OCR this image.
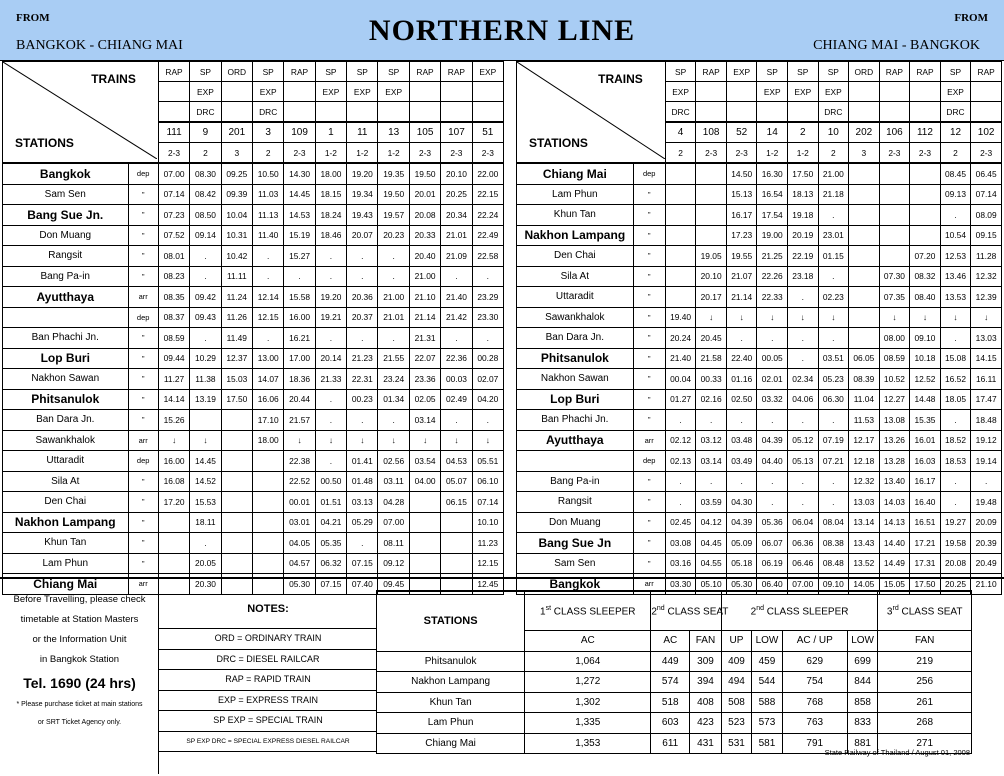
FROM
BANGKOK - CHIANG MAI	NORTHERN LINE	FROM
CHIANG MAI - BANGKOK
TRAINS
STATIONS		RAP	SP	ORD	SP	RAP	SP	SP	SP	RAP	RAP	EXP
			EXP		EXP		EXP	EXP	EXP			
			DRC		DRC							
		111	9	201	3	109	1	11	13	105	107	51
		2-3	2	3	2	2-3	1-2	1-2	1-2	2-3	2-3	2-3
Bangkok	dep	07.00	08.30	09.25	10.50	14.30	18.00	19.20	19.35	19.50	20.10	22.00
Sam Sen	"	07.14	08.42	09.39	11.03	14.45	18.15	19.34	19.50	20.01	20.25	22.15
Bang Sue Jn.	"	07.23	08.50	10.04	11.13	14.53	18.24	19.43	19.57	20.08	20.34	22.24
Don Muang	"	07.52	09.14	10.31	11.40	15.19	18.46	20.07	20.23	20.33	21.01	22.49
Rangsit	"	08.01	.	10.42	.	15.27	.	.	.	20.40	21.09	22.58
Bang Pa-in	"	08.23	.	11.11	.	.	.	.	.	21.00	.	.
Ayutthaya	arr	08.35	09.42	11.24	12.14	15.58	19.20	20.36	21.00	21.10	21.40	23.29
	dep	08.37	09.43	11.26	12.15	16.00	19.21	20.37	21.01	21.14	21.42	23.30
Ban Phachi Jn.	"	08.59	.	11.49	.	16.21	.	.	.	21.31	.	.
Lop Buri	"	09.44	10.29	12.37	13.00	17.00	20.14	21.23	21.55	22.07	22.36	00.28
Nakhon Sawan	"	11.27	11.38	15.03	14.07	18.36	21.33	22.31	23.24	23.36	00.03	02.07
Phitsanulok	"	14.14	13.19	17.50	16.06	20.44	.	00.23	01.34	02.05	02.49	04.20
Ban Dara Jn.	"	15.26			17.10	21.57	.	.	.	03.14	.	.
Sawankhalok	arr	↓	↓		18.00	↓	↓	↓	↓	↓	↓	↓
Uttaradit	dep	16.00	14.45			22.38	.	01.41	02.56	03.54	04.53	05.51
Sila At	"	16.08	14.52			22.52	00.50	01.48	03.11	04.00	05.07	06.10
Den Chai	"	17.20	15.53			00.01	01.51	03.13	04.28		06.15	07.14
Nakhon Lampang	"		18.11			03.01	04.21	05.29	07.00			10.10
Khun Tan	"		.			04.05	05.35	.	08.11			11.23
Lam Phun	"		20.05			04.57	06.32	07.15	09.12			12.15
Chiang Mai	arr		20.30			05.30	07.15	07.40	09.45			12.45
TRAINS
STATIONS		SP	RAP	EXP	SP	SP	SP	ORD	RAP	RAP	SP	RAP
		EXP			EXP	EXP	EXP				EXP	
		DRC					DRC				DRC	
		4	108	52	14	2	10	202	106	112	12	102
		2	2-3	2-3	1-2	1-2	2	3	2-3	2-3	2	2-3
Chiang Mai	dep			14.50	16.30	17.50	21.00				08.45	06.45
Lam Phun	"			15.13	16.54	18.13	21.18				09.13	07.14
Khun Tan	"			16.17	17.54	19.18	.				.	08.09
Nakhon Lampang	"			17.23	19.00	20.19	23.01				10.54	09.15
Den Chai	"		19.05	19.55	21.25	22.19	01.15			07.20	12.53	11.28
Sila At	"		20.10	21.07	22.26	23.18	.		07.30	08.32	13.46	12.32
Uttaradit	"		20.17	21.14	22.33	.	02.23		07.35	08.40	13.53	12.39
Sawankhalok	"	19.40	↓	↓	↓	↓	↓		↓	↓	↓	↓
Ban Dara Jn.	"	20.24	20.45	.	.	.	.		08.00	09.10	.	13.03
Phitsanulok	"	21.40	21.58	22.40	00.05	.	03.51	06.05	08.59	10.18	15.08	14.15
Nakhon Sawan	"	00.04	00.33	01.16	02.01	02.34	05.23	08.39	10.52	12.52	16.52	16.11
Lop Buri	"	01.27	02.16	02.50	03.32	04.06	06.30	11.04	12.27	14.48	18.05	17.47
Ban Phachi Jn.	"	.	.	.	.	.	.	11.53	13.08	15.35	.	18.48
Ayutthaya	arr	02.12	03.12	03.48	04.39	05.12	07.19	12.17	13.26	16.01	18.52	19.12
	dep	02.13	03.14	03.49	04.40	05.13	07.21	12.18	13.28	16.03	18.53	19.14
Bang Pa-in	"	.	.	.	.	.	.	12.32	13.40	16.17	.	.
Rangsit	"	.	03.59	04.30	.	.	.	13.03	14.03	16.40	.	19.48
Don Muang	"	02.45	04.12	04.39	05.36	06.04	08.04	13.14	14.13	16.51	19.27	20.09
Bang Sue Jn	"	03.08	04.45	05.09	06.07	06.36	08.38	13.43	14.40	17.21	19.58	20.39
Sam Sen	"	03.16	04.55	05.18	06.19	06.46	08.48	13.52	14.49	17.31	20.08	20.49
Bangkok	arr	03.30	05.10	05.30	06.40	07.00	09.10	14.05	15.05	17.50	20.25	21.10
Before Travelling, please check
timetable at Station Masters
or the Information Unit
in Bangkok Station
Tel. 1690 (24 hrs)
* Please purchase ticket at main stations
or SRT Ticket Agency only.
NOTES:
ORD = ORDINARY TRAIN
DRC = DIESEL RAILCAR
RAP = RAPID TRAIN
EXP = EXPRESS TRAIN
SP EXP = SPECIAL TRAIN
SP EXP DRC = SPECIAL EXPRESS DIESEL RAILCAR
STATIONS	1st CLASS SLEEPER	2nd CLASS SEAT		2nd CLASS SLEEPER				3rd CLASS SEAT
	AC	AC	FAN	UP	LOW	AC / UP	LOW	FAN
Phitsanulok	1,064	449	309	409	459	629	699	219
Nakhon Lampang	1,272	574	394	494	544	754	844	256
Khun Tan	1,302	518	408	508	588	768	858	261
Lam Phun	1,335	603	423	523	573	763	833	268
Chiang Mai	1,353	611	431	531	581	791	881	271
State Railway of Thailand / August 01, 2008
